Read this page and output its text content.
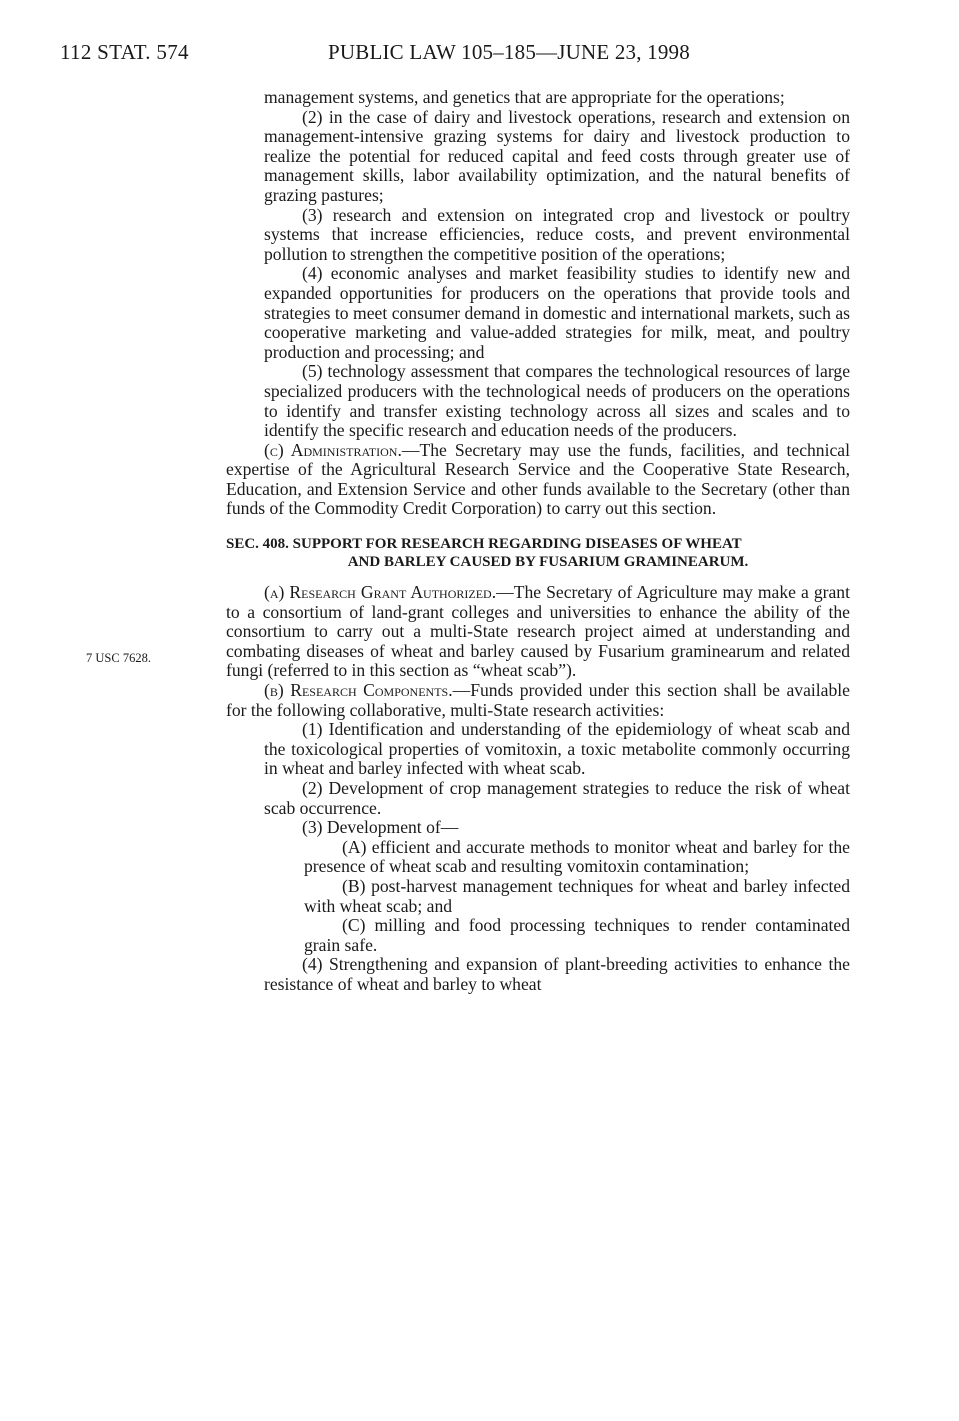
112 STAT. 574	PUBLIC LAW 105–185—JUNE 23, 1998
7 USC 7628.

management systems, and genetics that are appropriate for the operations;

(2) in the case of dairy and livestock operations, research and extension on management-intensive grazing systems for dairy and livestock production to realize the potential for reduced capital and feed costs through greater use of management skills, labor availability optimization, and the natural benefits of grazing pastures;

(3) research and extension on integrated crop and livestock or poultry systems that increase efficiencies, reduce costs, and prevent environmental pollution to strengthen the competitive position of the operations;

(4) economic analyses and market feasibility studies to identify new and expanded opportunities for producers on the operations that provide tools and strategies to meet consumer demand in domestic and international markets, such as cooperative marketing and value-added strategies for milk, meat, and poultry production and processing; and

(5) technology assessment that compares the technological resources of large specialized producers with the technological needs of producers on the operations to identify and transfer existing technology across all sizes and scales and to identify the specific research and education needs of the producers.

(c) Administration.—The Secretary may use the funds, facilities, and technical expertise of the Agricultural Research Service and the Cooperative State Research, Education, and Extension Service and other funds available to the Secretary (other than funds of the Commodity Credit Corporation) to carry out this section.

SEC. 408. SUPPORT FOR RESEARCH REGARDING DISEASES OF WHEAT
AND BARLEY CAUSED BY FUSARIUM GRAMINEARUM.

(a) Research Grant Authorized.—The Secretary of Agriculture may make a grant to a consortium of land-grant colleges and universities to enhance the ability of the consortium to carry out a multi-State research project aimed at understanding and combating diseases of wheat and barley caused by Fusarium graminearum and related fungi (referred to in this section as “wheat scab”).

(b) Research Components.—Funds provided under this section shall be available for the following collaborative, multi-State research activities:

(1) Identification and understanding of the epidemiology of wheat scab and the toxicological properties of vomitoxin, a toxic metabolite commonly occurring in wheat and barley infected with wheat scab.

(2) Development of crop management strategies to reduce the risk of wheat scab occurrence.

(3) Development of—

(A) efficient and accurate methods to monitor wheat and barley for the presence of wheat scab and resulting vomitoxin contamination;

(B) post-harvest management techniques for wheat and barley infected with wheat scab; and

(C) milling and food processing techniques to render contaminated grain safe.

(4) Strengthening and expansion of plant-breeding activities to enhance the resistance of wheat and barley to wheat
